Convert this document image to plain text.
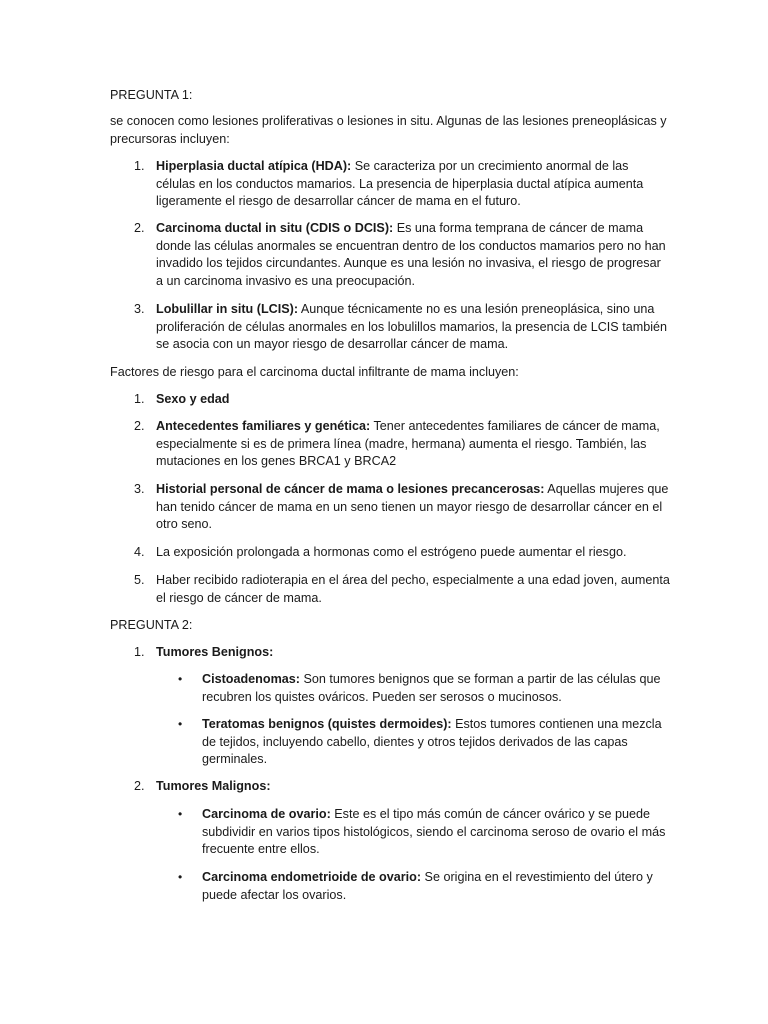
PREGUNTA 1:
se conocen como lesiones proliferativas o lesiones in situ. Algunas de las lesiones preneoplásicas y precursoras incluyen:
1. Hiperplasia ductal atípica (HDA): Se caracteriza por un crecimiento anormal de las células en los conductos mamarios. La presencia de hiperplasia ductal atípica aumenta ligeramente el riesgo de desarrollar cáncer de mama en el futuro.
2. Carcinoma ductal in situ (CDIS o DCIS): Es una forma temprana de cáncer de mama donde las células anormales se encuentran dentro de los conductos mamarios pero no han invadido los tejidos circundantes. Aunque es una lesión no invasiva, el riesgo de progresar a un carcinoma invasivo es una preocupación.
3. Lobulillar in situ (LCIS): Aunque técnicamente no es una lesión preneoplásica, sino una proliferación de células anormales en los lobulillos mamarios, la presencia de LCIS también se asocia con un mayor riesgo de desarrollar cáncer de mama.
Factores de riesgo para el carcinoma ductal infiltrante de mama incluyen:
1. Sexo y edad
2. Antecedentes familiares y genética: Tener antecedentes familiares de cáncer de mama, especialmente si es de primera línea (madre, hermana) aumenta el riesgo. También, las mutaciones en los genes BRCA1 y BRCA2
3. Historial personal de cáncer de mama o lesiones precancerosas: Aquellas mujeres que han tenido cáncer de mama en un seno tienen un mayor riesgo de desarrollar cáncer en el otro seno.
4. La exposición prolongada a hormonas como el estrógeno puede aumentar el riesgo.
5. Haber recibido radioterapia en el área del pecho, especialmente a una edad joven, aumenta el riesgo de cáncer de mama.
PREGUNTA 2:
1. Tumores Benignos:
•	Cistoadenomas: Son tumores benignos que se forman a partir de las células que recubren los quistes ováricos. Pueden ser serosos o mucinosos.
•	Teratomas benignos (quistes dermoides): Estos tumores contienen una mezcla de tejidos, incluyendo cabello, dientes y otros tejidos derivados de las capas germinales.
2. Tumores Malignos:
•	Carcinoma de ovario: Este es el tipo más común de cáncer ovárico y se puede subdividir en varios tipos histológicos, siendo el carcinoma seroso de ovario el más frecuente entre ellos.
•	Carcinoma endometrioide de ovario: Se origina en el revestimiento del útero y puede afectar los ovarios.
